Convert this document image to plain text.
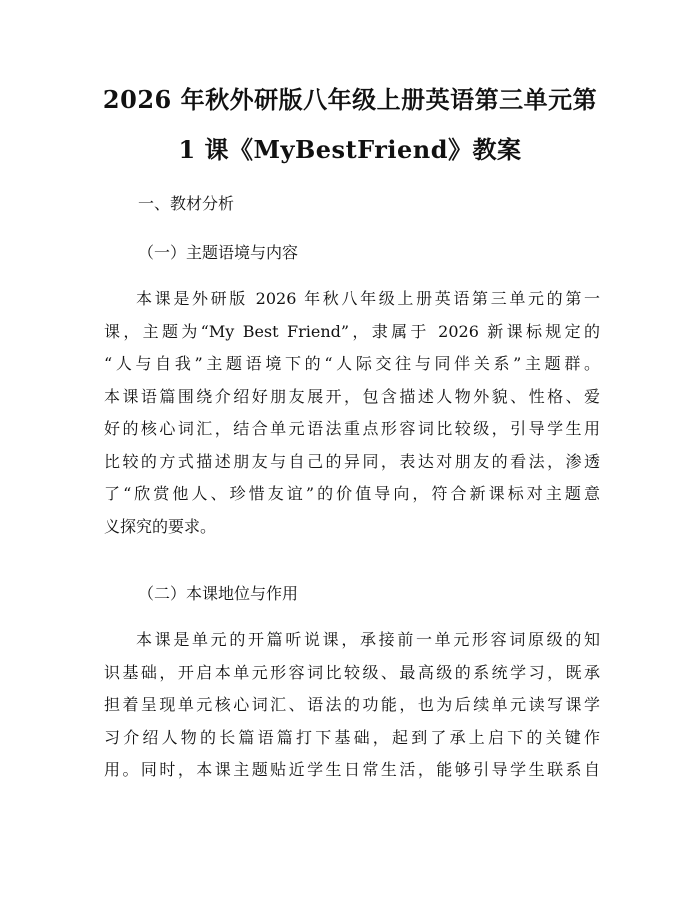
2026 年秋外研版八年级上册英语第三单元第
1 课《MyBestFriend》教案
一、教材分析
（一）主题语境与内容
本课是外研版 2026 年秋八年级上册英语第三单元的第一
课，主题为“My Best Friend”，隶属于 2026 新课标规定的
“人与自我”主题语境下的“人际交往与同伴关系”主题群。
本课语篇围绕介绍好朋友展开，包含描述人物外貌、性格、爱
好的核心词汇，结合单元语法重点形容词比较级，引导学生用
比较的方式描述朋友与自己的异同，表达对朋友的看法，渗透
了“欣赏他人、珍惜友谊”的价值导向，符合新课标对主题意
义探究的要求。
（二）本课地位与作用
本课是单元的开篇听说课，承接前一单元形容词原级的知
识基础，开启本单元形容词比较级、最高级的系统学习，既承
担着呈现单元核心词汇、语法的功能，也为后续单元读写课学
习介绍人物的长篇语篇打下基础，起到了承上启下的关键作
用。同时，本课主题贴近学生日常生活，能够引导学生联系自
